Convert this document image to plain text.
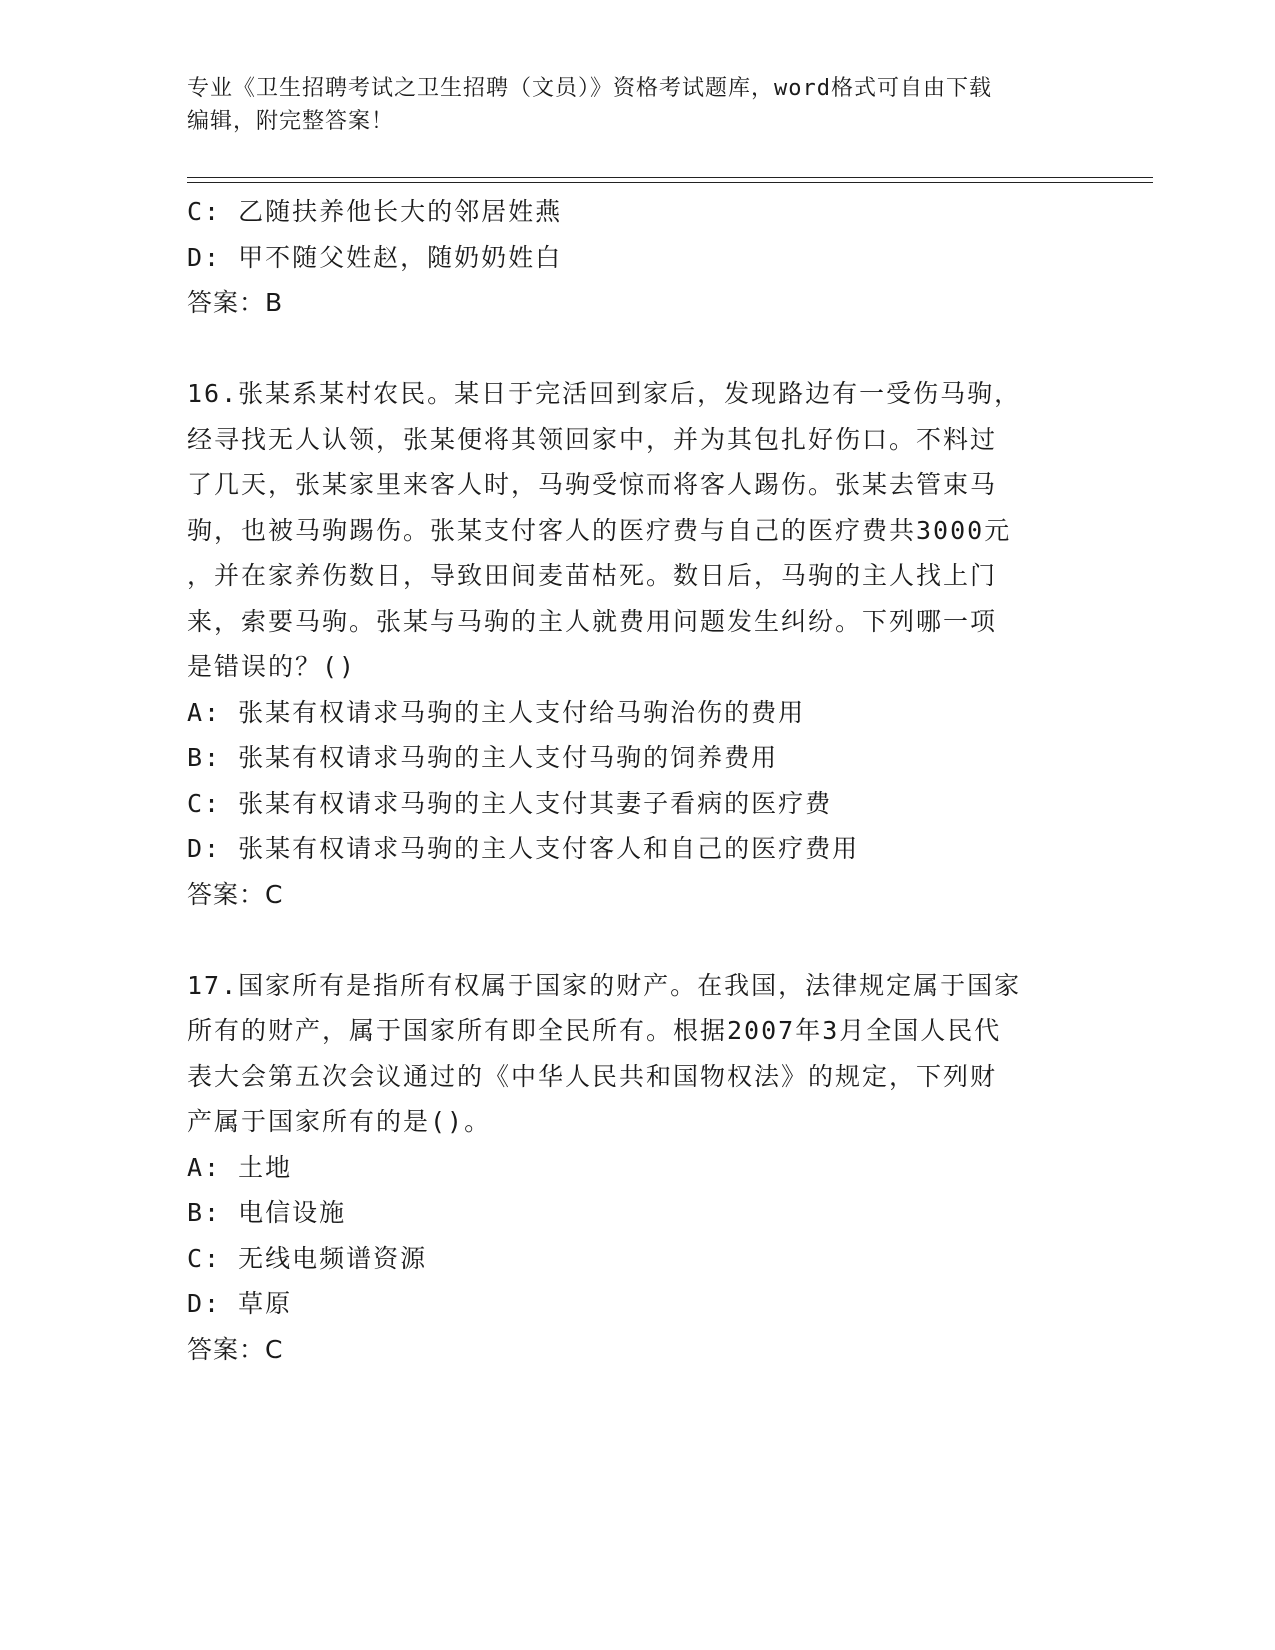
专业《卫生招聘考试之卫生招聘（文员）》资格考试题库，word格式可自由下载
编辑，附完整答案！
C: 乙随扶养他长大的邻居姓燕
D: 甲不随父姓赵，随奶奶姓白
答案：B
16.张某系某村农民。某日于完活回到家后，发现路边有一受伤马驹，
经寻找无人认领，张某便将其领回家中，并为其包扎好伤口。不料过
了几天，张某家里来客人时，马驹受惊而将客人踢伤。张某去管束马
驹，也被马驹踢伤。张某支付客人的医疗费与自己的医疗费共3000元
，并在家养伤数日，导致田间麦苗枯死。数日后，马驹的主人找上门
来，索要马驹。张某与马驹的主人就费用问题发生纠纷。下列哪一项
是错误的？()
A: 张某有权请求马驹的主人支付给马驹治伤的费用
B: 张某有权请求马驹的主人支付马驹的饲养费用
C: 张某有权请求马驹的主人支付其妻子看病的医疗费
D: 张某有权请求马驹的主人支付客人和自己的医疗费用
答案：C
17.国家所有是指所有权属于国家的财产。在我国，法律规定属于国家
所有的财产，属于国家所有即全民所有。根据2007年3月全国人民代
表大会第五次会议通过的《中华人民共和国物权法》的规定，下列财
产属于国家所有的是()。
A: 土地
B: 电信设施
C: 无线电频谱资源
D: 草原
答案：C
